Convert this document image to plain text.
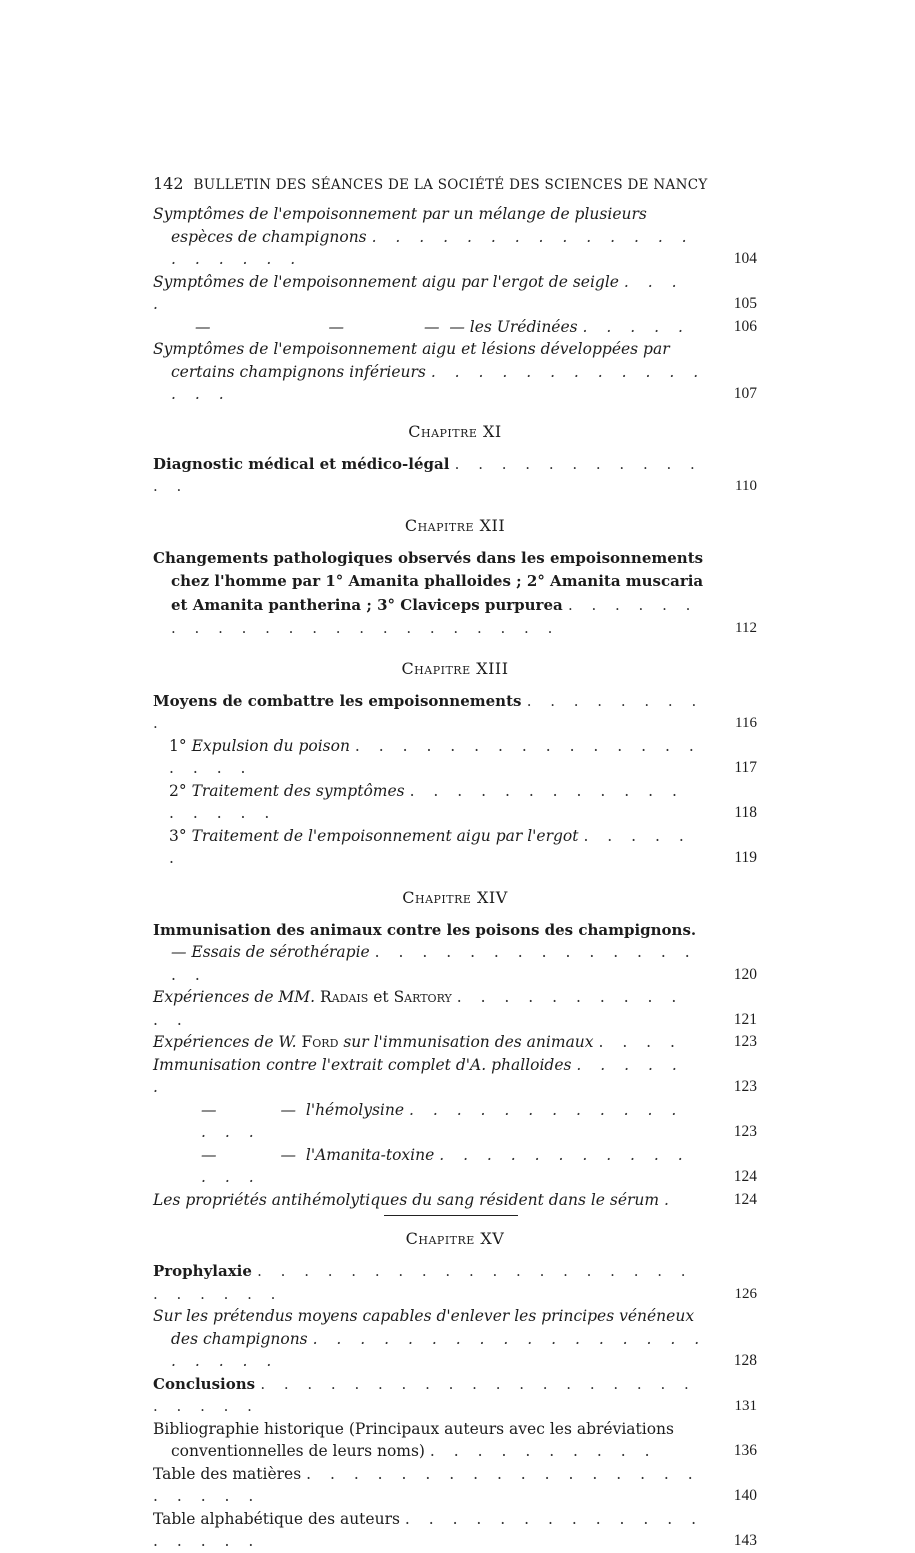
142 BULLETIN DES SÉANCES DE LA SOCIÉTÉ DES SCIENCES DE NANCY
Symptômes de l'empoisonnement par un mélange de plusieurs espèces de champignons . . . . . . . . . . . . . . . . . . . .	104
Symptômes de l'empoisonnement aigu par l'ergot de seigle . . . .	105
—	—	— — les Urédinées . . . . .	106
Symptômes de l'empoisonnement aigu et lésions développées par certains champignons inférieurs . . . . . . . . . . . . . . .	107
Chapitre XI
Diagnostic médical et médico-légal . . . . . . . . . . . . .	110
Chapitre XII
Changements pathologiques observés dans les empoisonnements chez l'homme par 1° Amanita phalloides ; 2° Amanita muscaria et Amanita pantherina ; 3° Claviceps purpurea . . . . . . . . . . . . . . . . . . . . . . .	112
Chapitre XIII
Moyens de combattre les empoisonnements . . . . . . . . .	116
1° Expulsion du poison . . . . . . . . . . . . . . . . . . .	117
2° Traitement des symptômes . . . . . . . . . . . . . . . . .	118
3° Traitement de l'empoisonnement aigu par l'ergot . . . . . .	119
Chapitre XIV
Immunisation des animaux contre les poisons des champignons. — Essais de sérothérapie . . . . . . . . . . . . . . . .	120
Expériences de MM. Radais et Sartory . . . . . . . . . . . .	121
Expériences de W. Ford sur l'immunisation des animaux . . . .	123
Immunisation contre l'extrait complet d'A. phalloides . . . . . .	123
—	— l'hémolysine . . . . . . . . . . . . . . .	123
—	— l'Amanita-toxine . . . . . . . . . . . . . .	124
Les propriétés antihémolytiques du sang résident dans le sérum .	124
Chapitre XV
Prophylaxie . . . . . . . . . . . . . . . . . . . . . . . . .	126
Sur les prétendus moyens capables d'enlever les principes vénéneux des champignons . . . . . . . . . . . . . . . . . . . . . .	128
Conclusions . . . . . . . . . . . . . . . . . . . . . . . .	131
Bibliographie historique (Principaux auteurs avec les abréviations conventionnelles de leurs noms) . . . . . . . . . .	136
Table des matières . . . . . . . . . . . . . . . . . . . . . .	140
Table alphabétique des auteurs . . . . . . . . . . . . . . . . . .	143
